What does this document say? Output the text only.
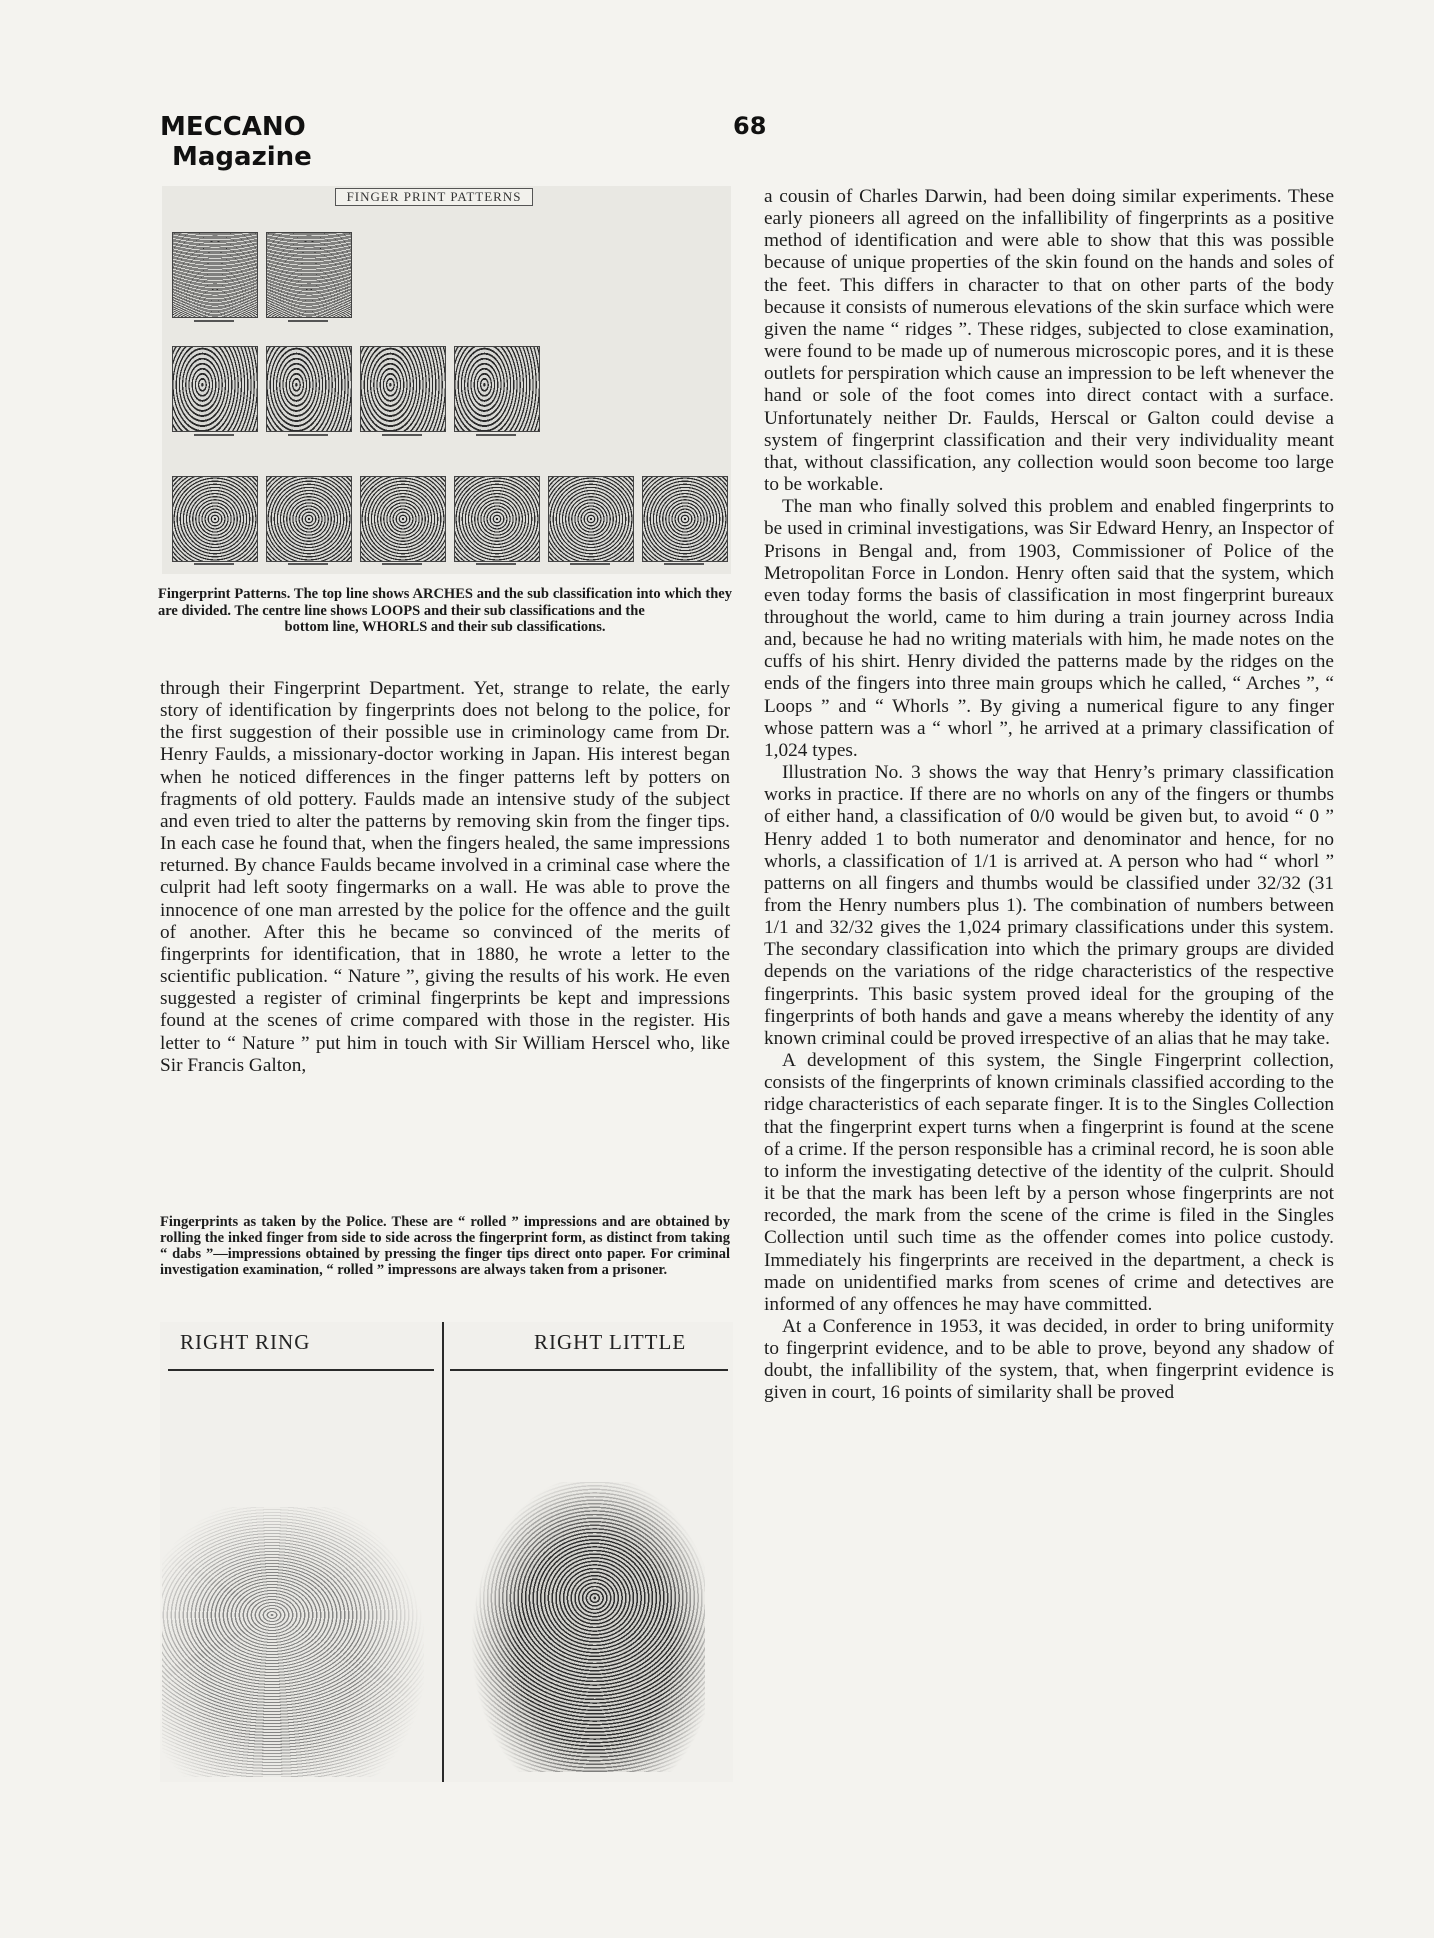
MECCANO
Magazine
68
FINGER PRINT PATTERNS
Fingerprint Patterns. The top line shows ARCHES and the sub classification into which they are divided. The centre line shows LOOPS and their sub classifications and the
bottom line, WHORLS and their sub classifications.

through their Fingerprint Department. Yet, strange to relate, the early story of identification by fingerprints does not belong to the police, for the first suggestion of their possible use in criminology came from Dr. Henry Faulds, a missionary-doctor working in Japan. His interest began when he noticed differences in the finger patterns left by potters on fragments of old pottery. Faulds made an intensive study of the subject and even tried to alter the patterns by removing skin from the finger tips. In each case he found that, when the fingers healed, the same impressions returned. By chance Faulds became involved in a criminal case where the culprit had left sooty fingermarks on a wall. He was able to prove the innocence of one man arrested by the police for the offence and the guilt of another. After this he became so convinced of the merits of fingerprints for identification, that in 1880, he wrote a letter to the scientific publication. “ Nature ”, giving the results of his work. He even suggested a register of criminal fingerprints be kept and impressions found at the scenes of crime compared with those in the register. His letter to “ Nature ” put him in touch with Sir William Herscel who, like Sir Francis Galton,

Fingerprints as taken by the Police. These are “ rolled ” impressions and are obtained by rolling the inked finger from side to side across the fingerprint form, as distinct from taking “ dabs ”—impressions obtained by pressing the finger tips direct onto paper. For criminal investigation examination, “ rolled ” impressons are always taken from a prisoner.
RIGHT RING	RIGHT LITTLE

a cousin of Charles Darwin, had been doing similar experiments. These early pioneers all agreed on the infallibility of fingerprints as a positive method of identification and were able to show that this was possible because of unique properties of the skin found on the hands and soles of the feet. This differs in character to that on other parts of the body because it consists of numerous elevations of the skin surface which were given the name “ ridges ”. These ridges, subjected to close examination, were found to be made up of numerous microscopic pores, and it is these outlets for perspiration which cause an impression to be left whenever the hand or sole of the foot comes into direct contact with a surface. Unfortunately neither Dr. Faulds, Herscal or Galton could devise a system of fingerprint classification and their very individuality meant that, without classification, any collection would soon become too large to be workable.

The man who finally solved this problem and enabled fingerprints to be used in criminal investigations, was Sir Edward Henry, an Inspector of Prisons in Bengal and, from 1903, Commissioner of Police of the Metropolitan Force in London. Henry often said that the system, which even today forms the basis of classification in most fingerprint bureaux throughout the world, came to him during a train journey across India and, because he had no writing materials with him, he made notes on the cuffs of his shirt. Henry divided the patterns made by the ridges on the ends of the fingers into three main groups which he called, “ Arches ”, “ Loops ” and “ Whorls ”. By giving a numerical figure to any finger whose pattern was a “ whorl ”, he arrived at a primary classification of 1,024 types.

Illustration No. 3 shows the way that Henry’s primary classification works in practice. If there are no whorls on any of the fingers or thumbs of either hand, a classification of 0/0 would be given but, to avoid “ 0 ” Henry added 1 to both numerator and denominator and hence, for no whorls, a classification of 1/1 is arrived at. A person who had “ whorl ” patterns on all fingers and thumbs would be classified under 32/32 (31 from the Henry numbers plus 1). The combination of numbers between 1/1 and 32/32 gives the 1,024 primary classifications under this system. The secondary classification into which the primary groups are divided depends on the variations of the ridge characteristics of the respective fingerprints. This basic system proved ideal for the grouping of the fingerprints of both hands and gave a means whereby the identity of any known criminal could be proved irrespective of an alias that he may take.

A development of this system, the Single Fingerprint collection, consists of the fingerprints of known criminals classified according to the ridge characteristics of each separate finger. It is to the Singles Collection that the fingerprint expert turns when a fingerprint is found at the scene of a crime. If the person responsible has a criminal record, he is soon able to inform the investigating detective of the identity of the culprit. Should it be that the mark has been left by a person whose fingerprints are not recorded, the mark from the scene of the crime is filed in the Singles Collection until such time as the offender comes into police custody. Immediately his fingerprints are received in the department, a check is made on unidentified marks from scenes of crime and detectives are informed of any offences he may have committed.

At a Conference in 1953, it was decided, in order to bring uniformity to fingerprint evidence, and to be able to prove, beyond any shadow of doubt, the infallibility of the system, that, when fingerprint evidence is given in court, 16 points of similarity shall be proved
